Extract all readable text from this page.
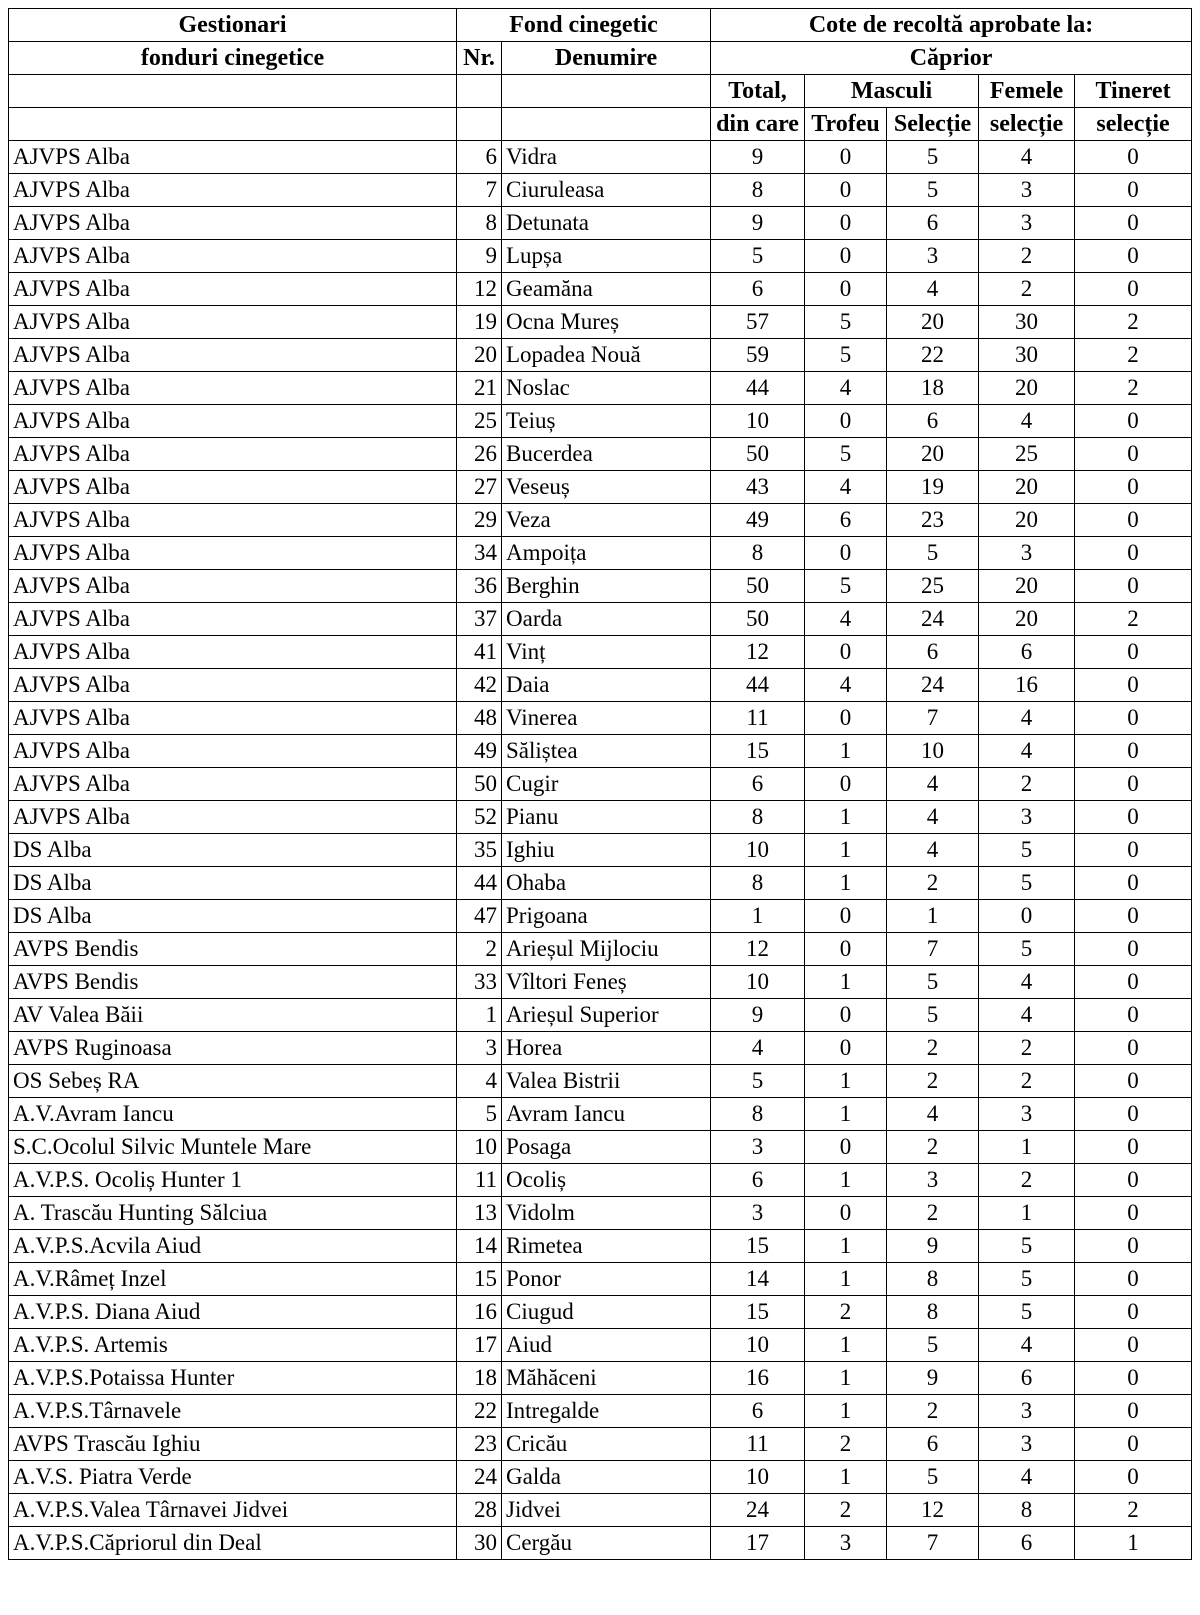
Gestionari	Fond cinegetic		Cote de recoltă aprobate la:				
fonduri cinegetice	Nr.	Denumire	Căprior				
			Total,	Masculi		Femele	Tineret
			din care	Trofeu	Selecție	selecție	selecție
AJVPS Alba	6	Vidra	9	0	5	4	0
AJVPS Alba	7	Ciuruleasa	8	0	5	3	0
AJVPS Alba	8	Detunata	9	0	6	3	0
AJVPS Alba	9	Lupșa	5	0	3	2	0
AJVPS Alba	12	Geamăna	6	0	4	2	0
AJVPS Alba	19	Ocna Mureș	57	5	20	30	2
AJVPS Alba	20	Lopadea Nouă	59	5	22	30	2
AJVPS Alba	21	Noslac	44	4	18	20	2
AJVPS Alba	25	Teiuș	10	0	6	4	0
AJVPS Alba	26	Bucerdea	50	5	20	25	0
AJVPS Alba	27	Veseuș	43	4	19	20	0
AJVPS Alba	29	Veza	49	6	23	20	0
AJVPS Alba	34	Ampoița	8	0	5	3	0
AJVPS Alba	36	Berghin	50	5	25	20	0
AJVPS Alba	37	Oarda	50	4	24	20	2
AJVPS Alba	41	Vinț	12	0	6	6	0
AJVPS Alba	42	Daia	44	4	24	16	0
AJVPS Alba	48	Vinerea	11	0	7	4	0
AJVPS Alba	49	Săliștea	15	1	10	4	0
AJVPS Alba	50	Cugir	6	0	4	2	0
AJVPS Alba	52	Pianu	8	1	4	3	0
DS Alba	35	Ighiu	10	1	4	5	0
DS Alba	44	Ohaba	8	1	2	5	0
DS Alba	47	Prigoana	1	0	1	0	0
AVPS Bendis	2	Arieșul Mijlociu	12	0	7	5	0
AVPS Bendis	33	Vîltori Feneș	10	1	5	4	0
AV Valea Băii	1	Arieșul Superior	9	0	5	4	0
AVPS Ruginoasa	3	Horea	4	0	2	2	0
OS Sebeș RA	4	Valea Bistrii	5	1	2	2	0
A.V.Avram Iancu	5	Avram Iancu	8	1	4	3	0
S.C.Ocolul Silvic Muntele Mare	10	Posaga	3	0	2	1	0
A.V.P.S. Ocoliș Hunter 1	11	Ocoliș	6	1	3	2	0
A. Trascău Hunting Sălciua	13	Vidolm	3	0	2	1	0
A.V.P.S.Acvila Aiud	14	Rimetea	15	1	9	5	0
A.V.Râmeț Inzel	15	Ponor	14	1	8	5	0
A.V.P.S. Diana Aiud	16	Ciugud	15	2	8	5	0
A.V.P.S. Artemis	17	Aiud	10	1	5	4	0
A.V.P.S.Potaissa Hunter	18	Măhăceni	16	1	9	6	0
A.V.P.S.Târnavele	22	Intregalde	6	1	2	3	0
AVPS Trascău Ighiu	23	Cricău	11	2	6	3	0
A.V.S. Piatra Verde	24	Galda	10	1	5	4	0
A.V.P.S.Valea Târnavei Jidvei	28	Jidvei	24	2	12	8	2
A.V.P.S.Căpriorul din Deal	30	Cergău	17	3	7	6	1
